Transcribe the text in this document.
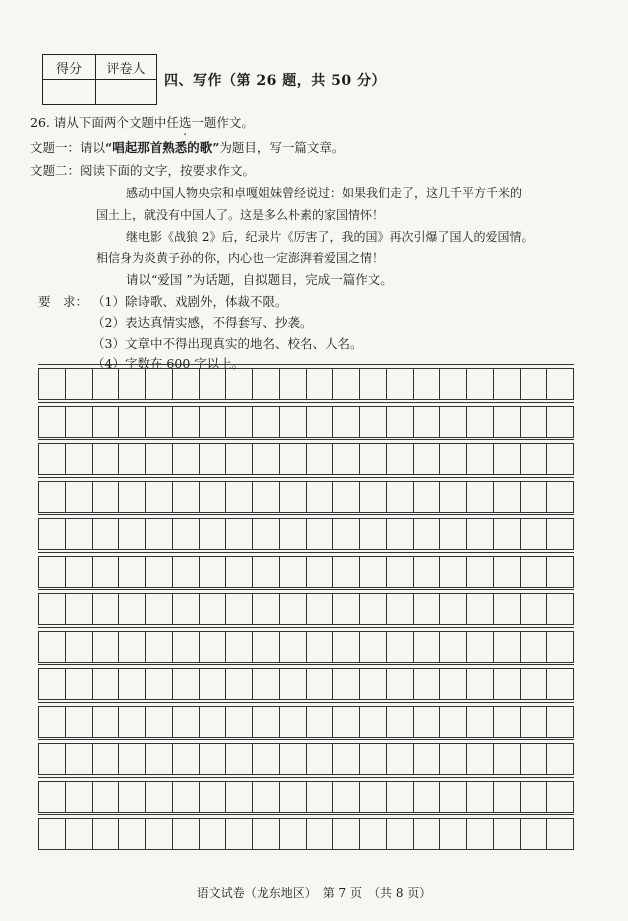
得分	评卷人

四、写作（第 26 题，共 50 分）
26. 请从下面两个文题中任选一题作文。
文题一：请以“唱起那首熟悉的歌”为题目，写一篇文章。
文题二：阅读下面的文字，按要求作文。
感动中国人物央宗和卓嘎姐妹曾经说过：如果我们走了，这几千平方千米的
国土上，就没有中国人了。这是多么朴素的家国情怀！
继电影《战狼 2》后，纪录片《厉害了，我的国》再次引爆了国人的爱国情。
相信身为炎黄子孙的你，内心也一定澎湃着爱国之情！
请以“爱国 ”为话题，自拟题目，完成一篇作文。
要　求： （1）除诗歌、戏剧外，体裁不限。
（2）表达真情实感，不得套写、抄袭。
（3）文章中不得出现真实的地名、校名、人名。
（4）字数在 600 字以上。
语文试卷（龙东地区）　第 7 页　（共 8 页）
